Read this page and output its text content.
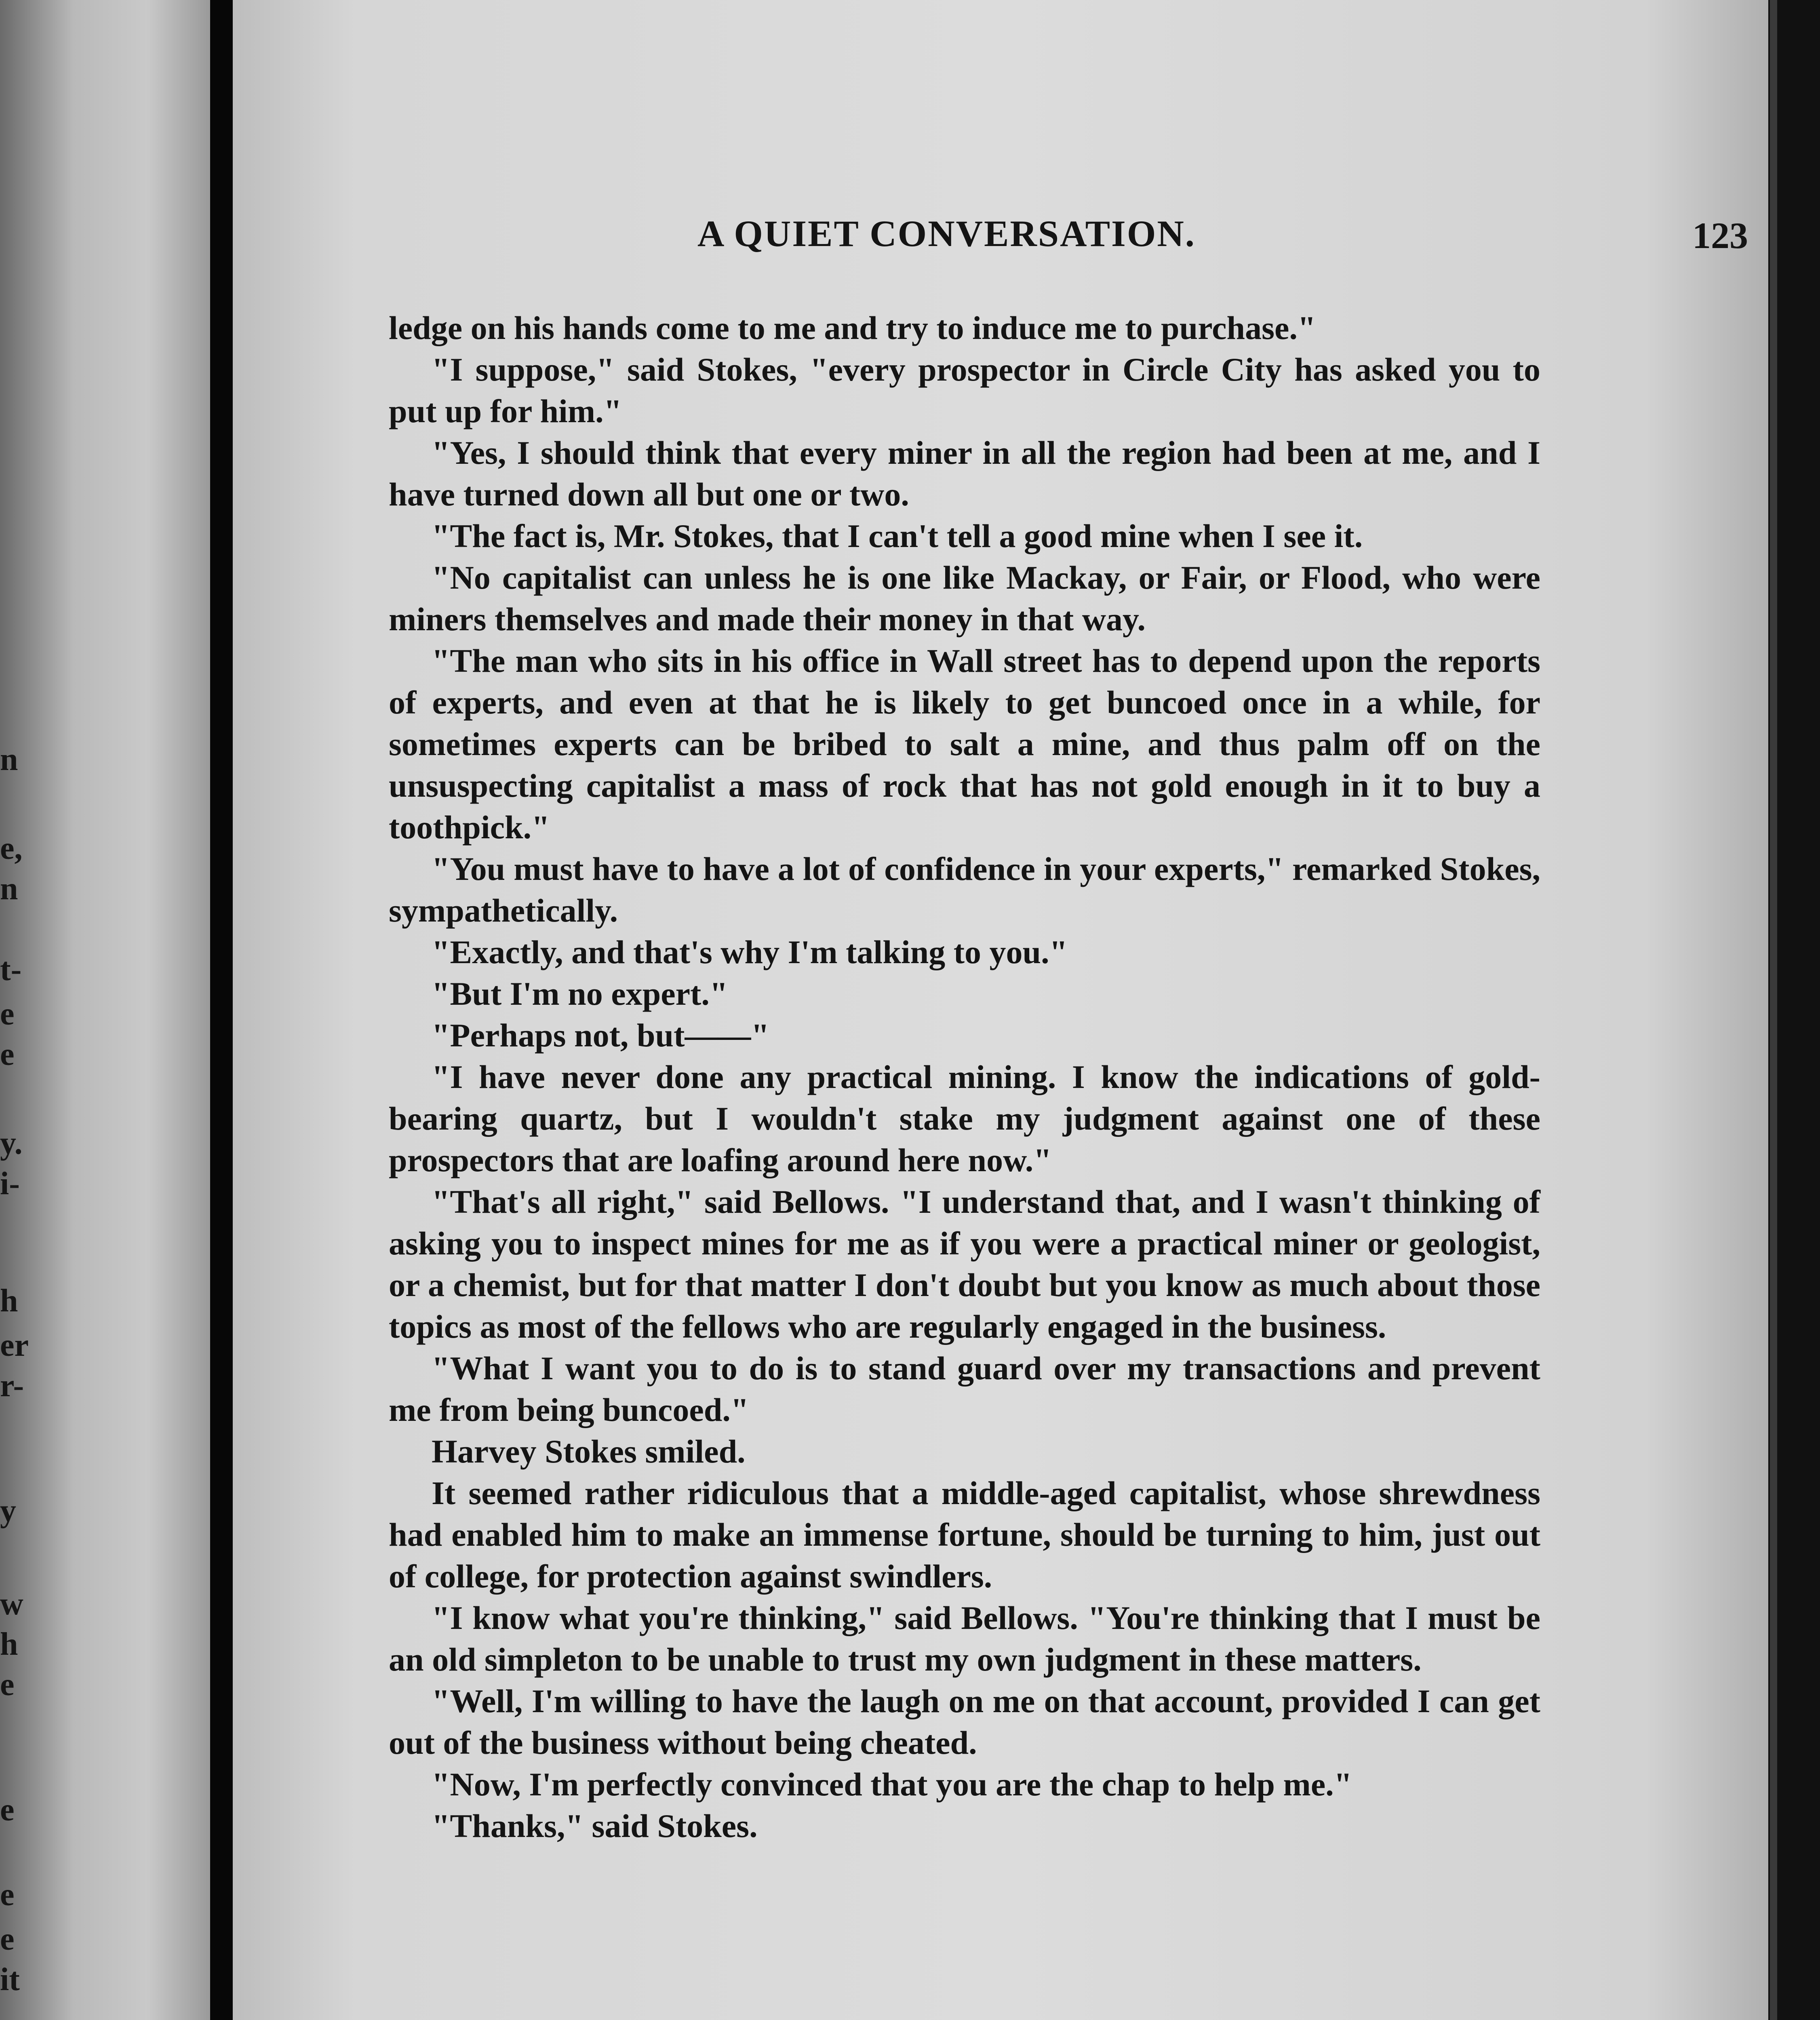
n
e,
n
t-
e
e
y.
i-
h
er
r-
y
w
h
e
e
e
e
it
A QUIET CONVERSATION.	123

ledge on his hands come to me and try to induce me to purchase."

"I suppose," said Stokes, "every prospector in Circle City has asked you to put up for him."

"Yes, I should think that every miner in all the region had been at me, and I have turned down all but one or two.

"The fact is, Mr. Stokes, that I can't tell a good mine when I see it.

"No capitalist can unless he is one like Mackay, or Fair, or Flood, who were miners themselves and made their money in that way.

"The man who sits in his office in Wall street has to depend upon the reports of experts, and even at that he is likely to get buncoed once in a while, for sometimes experts can be bribed to salt a mine, and thus palm off on the unsuspecting capitalist a mass of rock that has not gold enough in it to buy a toothpick."

"You must have to have a lot of confidence in your experts," remarked Stokes, sympathetically.

"Exactly, and that's why I'm talking to you."

"But I'm no expert."

"Perhaps not, but——"

"I have never done any practical mining. I know the indications of gold-bearing quartz, but I wouldn't stake my judgment against one of these prospectors that are loafing around here now."

"That's all right," said Bellows. "I understand that, and I wasn't thinking of asking you to inspect mines for me as if you were a practical miner or geologist, or a chemist, but for that matter I don't doubt but you know as much about those topics as most of the fellows who are regularly engaged in the business.

"What I want you to do is to stand guard over my transactions and prevent me from being buncoed."

Harvey Stokes smiled.

It seemed rather ridiculous that a middle-aged capitalist, whose shrewdness had enabled him to make an immense fortune, should be turning to him, just out of college, for protection against swindlers.

"I know what you're thinking," said Bellows. "You're thinking that I must be an old simpleton to be unable to trust my own judgment in these matters.

"Well, I'm willing to have the laugh on me on that account, provided I can get out of the business without being cheated.

"Now, I'm perfectly convinced that you are the chap to help me."

"Thanks," said Stokes.
